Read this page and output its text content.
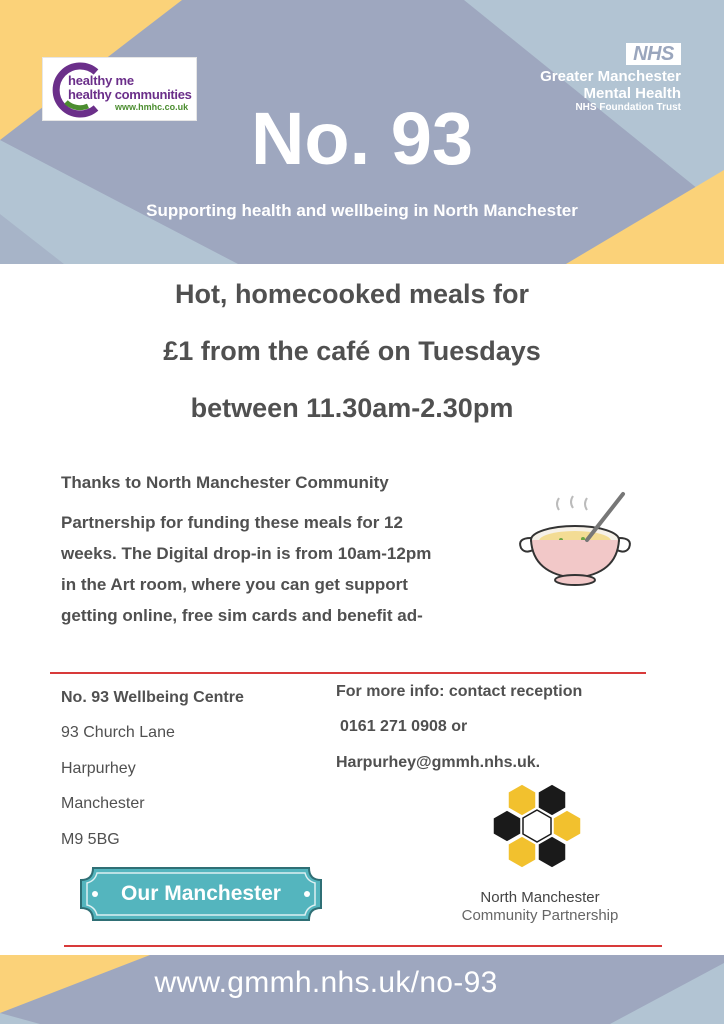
healthy me
healthy communities
www.hmhc.co.uk
NHS
Greater Manchester
Mental Health
NHS Foundation Trust
No. 93
Supporting health and wellbeing in North Manchester
Hot, homecooked meals for
£1 from the café on Tuesdays
between 11.30am-2.30pm
Thanks to North Manchester Community
Partnership for funding these meals for 12
weeks. The Digital drop-in is from 10am-12pm
in the Art room, where you can get support
getting online, free sim cards and benefit ad-
No. 93 Wellbeing Centre
93 Church Lane
Harpurhey
Manchester
M9 5BG
For more info: contact reception
0161 271 0908 or
Harpurhey@gmmh.nhs.uk.
Our Manchester	North Manchester
Community Partnership
www.gmmh.nhs.uk/no-93
